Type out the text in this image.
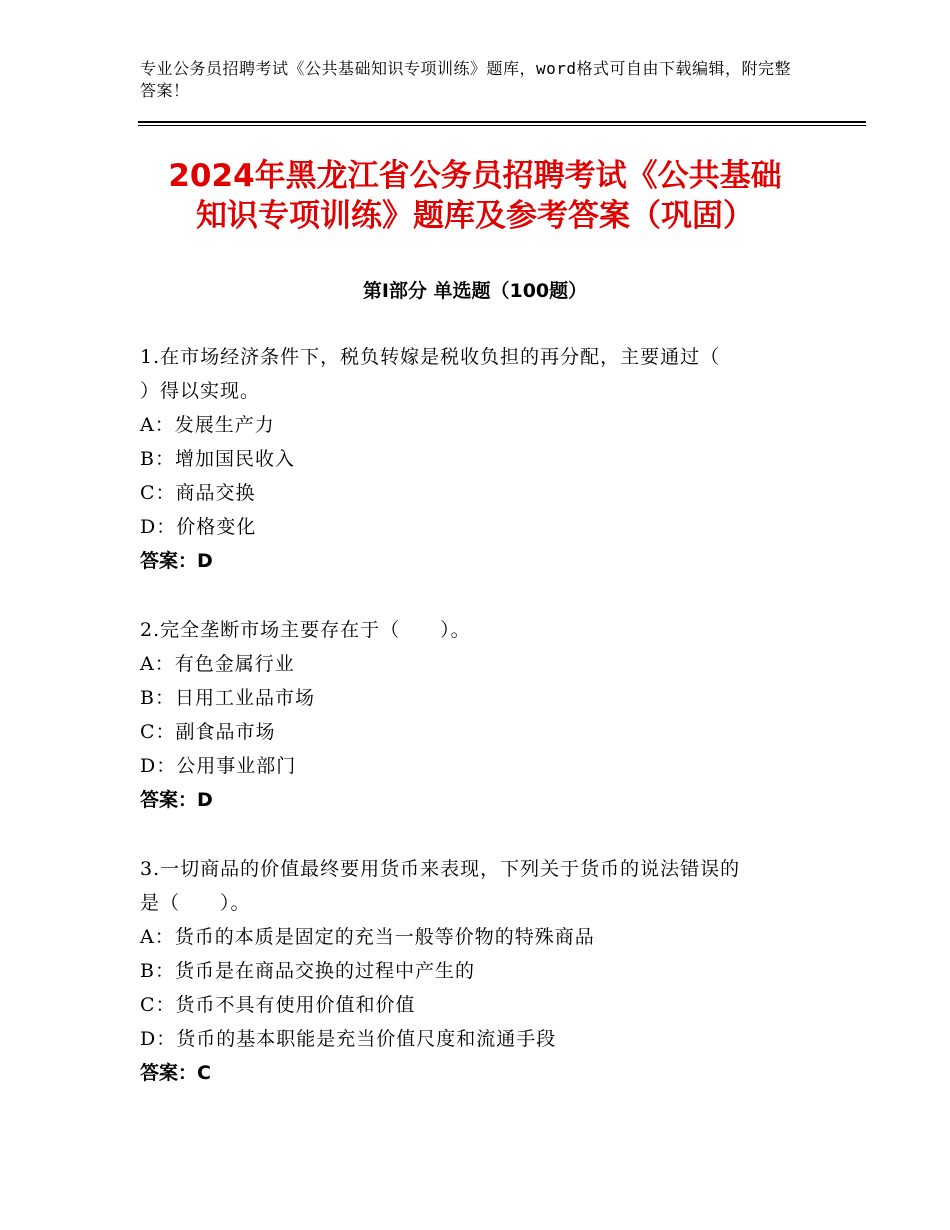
专业公务员招聘考试《公共基础知识专项训练》题库，word格式可自由下载编辑，附完整答案！
2024年黑龙江省公务员招聘考试《公共基础
知识专项训练》题库及参考答案（巩固）
第Ⅰ部分 单选题（100题）
1.在市场经济条件下，税负转嫁是税收负担的再分配，主要通过（
）得以实现。
A：发展生产力
B：增加国民收入
C：商品交换
D：价格变化
答案：D
2.完全垄断市场主要存在于（　　）。
A：有色金属行业
B：日用工业品市场
C：副食品市场
D：公用事业部门
答案：D
3.一切商品的价值最终要用货币来表现，下列关于货币的说法错误的
是（　　）。
A：货币的本质是固定的充当一般等价物的特殊商品
B：货币是在商品交换的过程中产生的
C：货币不具有使用价值和价值
D：货币的基本职能是充当价值尺度和流通手段
答案：C
